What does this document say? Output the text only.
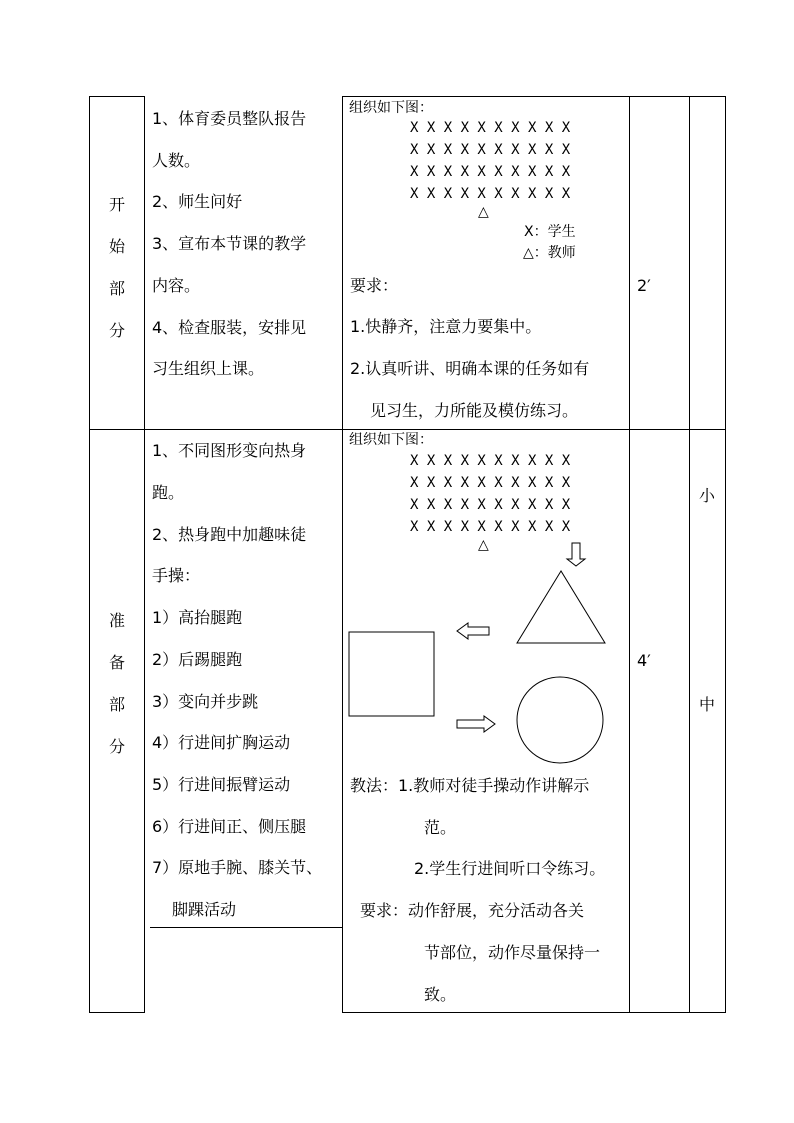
开
始
部
分
1、体育委员整队报告
人数。
2、师生问好
3、宣布本节课的教学
内容。
4、检查服装，安排见
习生组织上课。
组织如下图：
X X X X X X X X X X
X X X X X X X X X X
X X X X X X X X X X
X X X X X X X X X X
△
X：学生
△：教师
要求：
1.快静齐，注意力要集中。
2.认真听讲、明确本课的任务如有
见习生，力所能及模仿练习。
2′
准
备
部
分
1、不同图形变向热身
跑。
2、热身跑中加趣味徒
手操：
1）高抬腿跑
2）后踢腿跑
3）变向并步跳
4）行进间扩胸运动
5）行进间振臂运动
6）行进间正、侧压腿
7）原地手腕、膝关节、
脚踝活动
组织如下图：
X X X X X X X X X X
X X X X X X X X X X
X X X X X X X X X X
X X X X X X X X X X
△
教法：1.教师对徒手操动作讲解示
范。
2.学生行进间听口令练习。
要求：动作舒展，充分活动各关
节部位，动作尽量保持一
致。
4′
小
中
